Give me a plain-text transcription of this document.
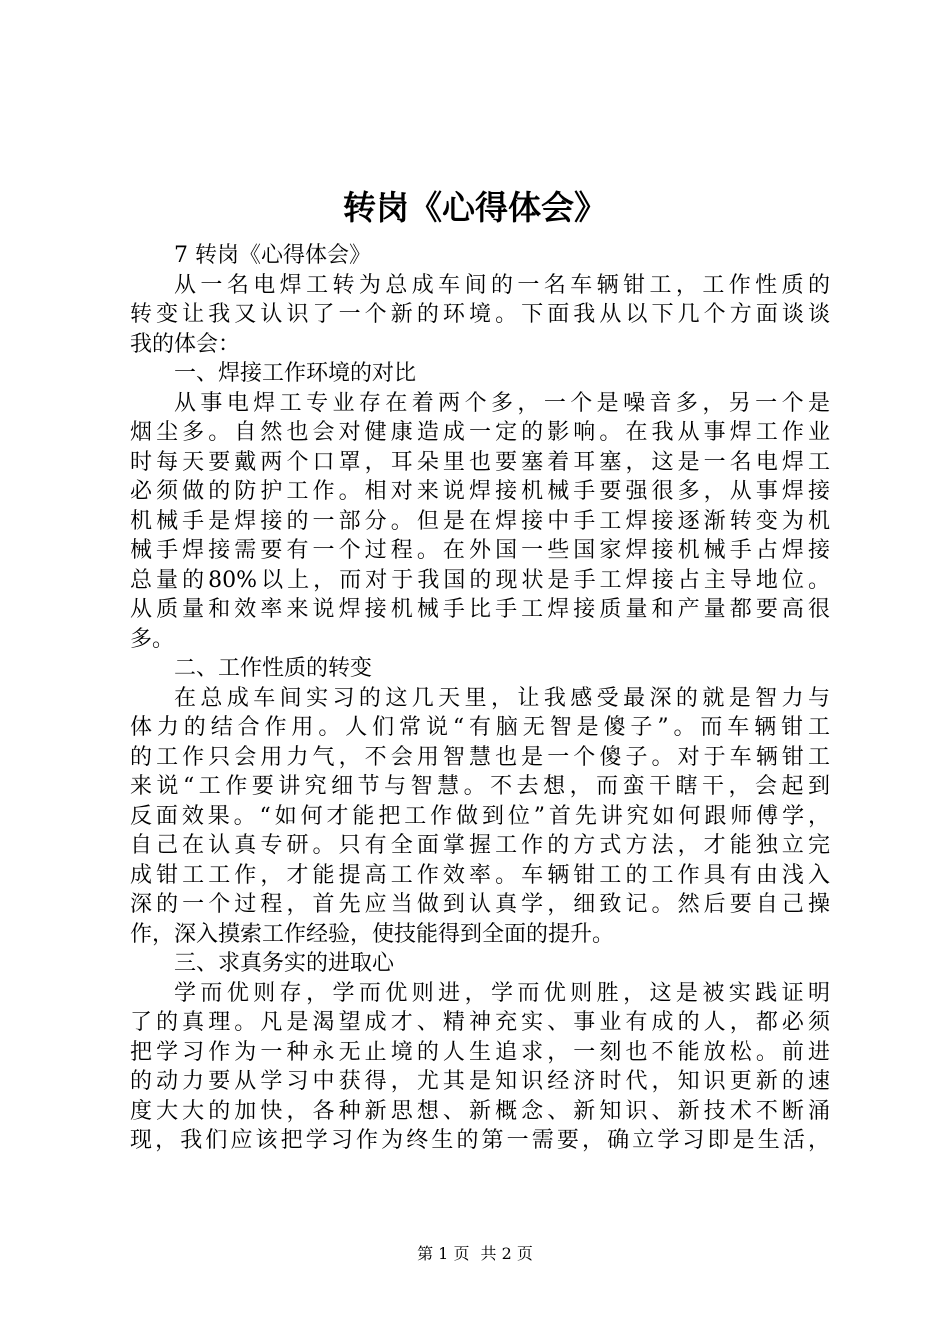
转岗《心得体会》
7 转岗《心得体会》
从一名电焊工转为总成车间的一名车辆钳工，工作性质的
转变让我又认识了一个新的环境。下面我从以下几个方面谈谈
我的体会：
一、焊接工作环境的对比
从事电焊工专业存在着两个多，一个是噪音多，另一个是
烟尘多。自然也会对健康造成一定的影响。在我从事焊工作业
时每天要戴两个口罩，耳朵里也要塞着耳塞，这是一名电焊工
必须做的防护工作。相对来说焊接机械手要强很多，从事焊接
机械手是焊接的一部分。但是在焊接中手工焊接逐渐转变为机
械手焊接需要有一个过程。在外国一些国家焊接机械手占焊接
总量的80%以上，而对于我国的现状是手工焊接占主导地位。
从质量和效率来说焊接机械手比手工焊接质量和产量都要高很
多。
二、工作性质的转变
在总成车间实习的这几天里，让我感受最深的就是智力与
体力的结合作用。人们常说“有脑无智是傻子”。而车辆钳工
的工作只会用力气，不会用智慧也是一个傻子。对于车辆钳工
来说“工作要讲究细节与智慧。不去想，而蛮干瞎干，会起到
反面效果。“如何才能把工作做到位”首先讲究如何跟师傅学，
自己在认真专研。只有全面掌握工作的方式方法，才能独立完
成钳工工作，才能提高工作效率。车辆钳工的工作具有由浅入
深的一个过程，首先应当做到认真学，细致记。然后要自己操
作，深入摸索工作经验，使技能得到全面的提升。
三、求真务实的进取心
学而优则存，学而优则进，学而优则胜，这是被实践证明
了的真理。凡是渴望成才、精神充实、事业有成的人，都必须
把学习作为一种永无止境的人生追求，一刻也不能放松。前进
的动力要从学习中获得，尤其是知识经济时代，知识更新的速
度大大的加快，各种新思想、新概念、新知识、新技术不断涌
现，我们应该把学习作为终生的第一需要，确立学习即是生活，
第 1 页 共 2 页
